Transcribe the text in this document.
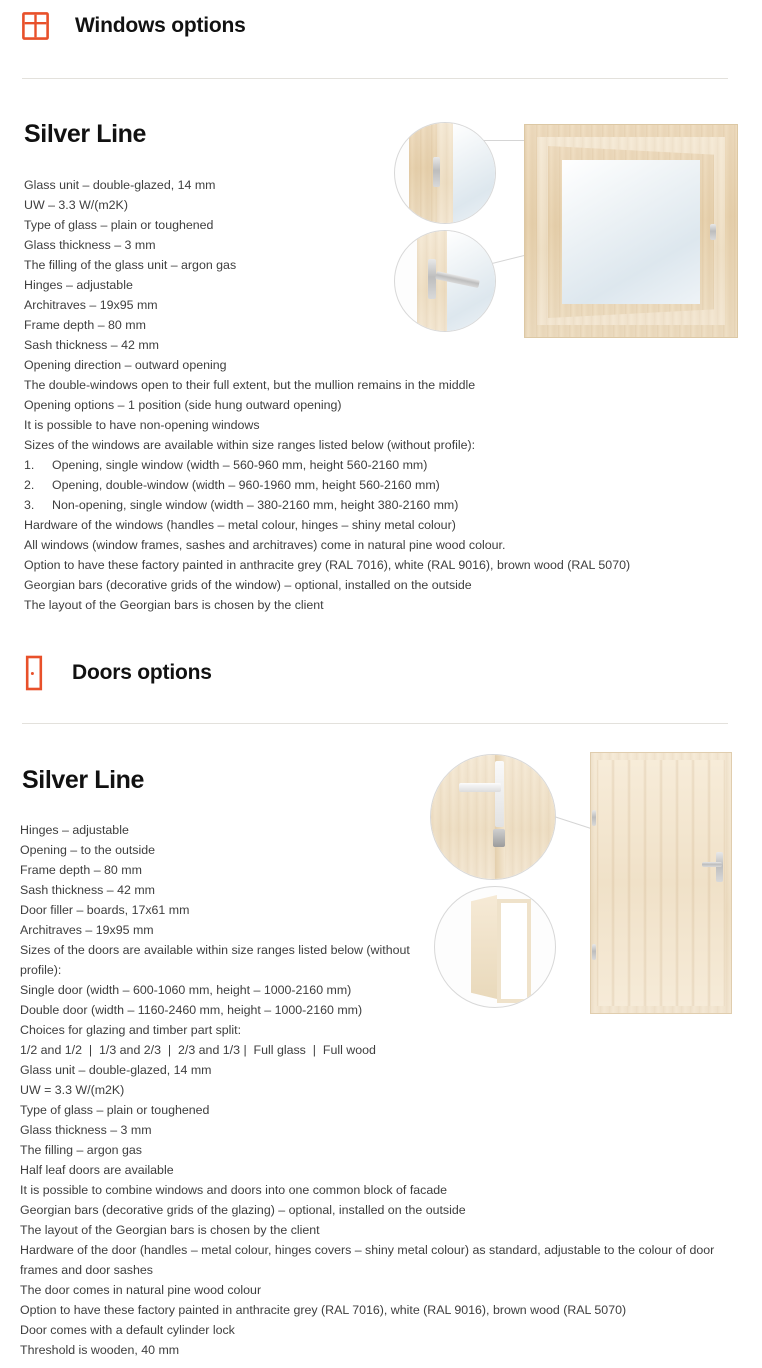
Windows options
Silver Line
Glass unit – double-glazed, 14 mm
UW – 3.3 W/(m2K)
Type of glass – plain or toughened
Glass thickness – 3 mm
The filling of the glass unit – argon gas
Hinges – adjustable
Architraves – 19x95 mm
Frame depth – 80 mm
Sash thickness – 42 mm
Opening direction – outward opening
The double-windows open to their full extent, but the mullion remains in the middle
Opening options – 1 position (side hung outward opening)
It is possible to have non-opening windows
Sizes of the windows are available within size ranges listed below (without profile):
1.	Opening, single window (width – 560-960 mm, height 560-2160 mm)
2.	Opening, double-window (width – 960-1960 mm, height 560-2160 mm)
3.	Non-opening, single window (width – 380-2160 mm, height 380-2160 mm)
Hardware of the windows (handles – metal colour, hinges – shiny metal colour)
All windows (window frames, sashes and architraves) come in natural pine wood colour.
Option to have these factory painted in anthracite grey (RAL 7016), white (RAL 9016), brown wood (RAL 5070)
Georgian bars (decorative grids of the window) – optional, installed on the outside
The layout of the Georgian bars is chosen by the client
Doors options
Silver Line
Hinges – adjustable
Opening – to the outside
Frame depth – 80 mm
Sash thickness – 42 mm
Door filler – boards, 17x61 mm
Architraves – 19x95 mm
Sizes of the doors are available within size ranges listed below (without profile):
Single door (width – 600-1060 mm, height – 1000-2160 mm)
Double door (width – 1160-2460 mm, height – 1000-2160 mm)
Choices for glazing and timber part split:
1/2 and 1/2  |  1/3 and 2/3  |  2/3 and 1/3 |  Full glass  |  Full wood
Glass unit – double-glazed, 14 mm
UW = 3.3 W/(m2K)
Type of glass – plain or toughened
Glass thickness – 3 mm
The filling – argon gas
Half leaf doors are available
It is possible to combine windows and doors into one common block of facade
Georgian bars (decorative grids of the glazing) – optional, installed on the outside
The layout of the Georgian bars is chosen by the client
Hardware of the door (handles – metal colour, hinges covers – shiny metal colour) as standard, adjustable to the colour of door frames and door sashes
The door comes in natural pine wood colour
Option to have these factory painted in anthracite grey (RAL 7016), white (RAL 9016), brown wood (RAL 5070)
Door comes with a default cylinder lock
Threshold is wooden, 40 mm
